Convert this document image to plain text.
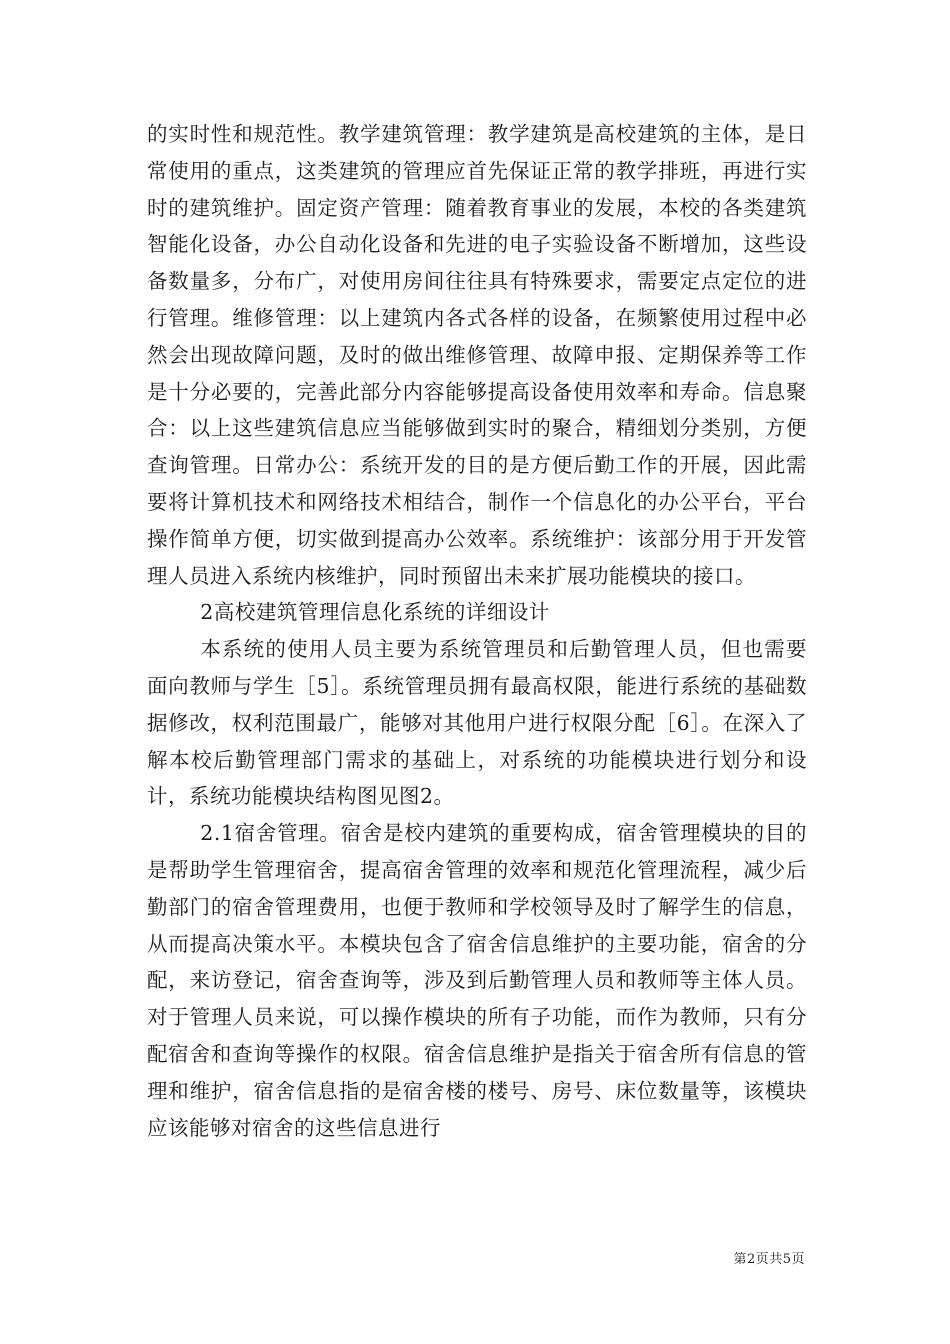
的实时性和规范性。教学建筑管理：教学建筑是高校建筑的主体，是日常使用的重点，这类建筑的管理应首先保证正常的教学排班，再进行实时的建筑维护。固定资产管理：随着教育事业的发展，本校的各类建筑智能化设备，办公自动化设备和先进的电子实验设备不断增加，这些设备数量多，分布广，对使用房间往往具有特殊要求，需要定点定位的进行管理。维修管理：以上建筑内各式各样的设备，在频繁使用过程中必然会出现故障问题，及时的做出维修管理、故障申报、定期保养等工作是十分必要的，完善此部分内容能够提高设备使用效率和寿命。信息聚合：以上这些建筑信息应当能够做到实时的聚合，精细划分类别，方便查询管理。日常办公：系统开发的目的是方便后勤工作的开展，因此需要将计算机技术和网络技术相结合，制作一个信息化的办公平台，平台操作简单方便，切实做到提高办公效率。系统维护：该部分用于开发管理人员进入系统内核维护，同时预留出未来扩展功能模块的接口。

2高校建筑管理信息化系统的详细设计

本系统的使用人员主要为系统管理员和后勤管理人员，但也需要面向教师与学生［5］。系统管理员拥有最高权限，能进行系统的基础数据修改，权利范围最广，能够对其他用户进行权限分配［6］。在深入了解本校后勤管理部门需求的基础上，对系统的功能模块进行划分和设计，系统功能模块结构图见图2。

2.1宿舍管理。宿舍是校内建筑的重要构成，宿舍管理模块的目的是帮助学生管理宿舍，提高宿舍管理的效率和规范化管理流程，减少后勤部门的宿舍管理费用，也便于教师和学校领导及时了解学生的信息，从而提高决策水平。本模块包含了宿舍信息维护的主要功能，宿舍的分配，来访登记，宿舍查询等，涉及到后勤管理人员和教师等主体人员。对于管理人员来说，可以操作模块的所有子功能，而作为教师，只有分配宿舍和查询等操作的权限。宿舍信息维护是指关于宿舍所有信息的管理和维护，宿舍信息指的是宿舍楼的楼号、房号、床位数量等，该模块应该能够对宿舍的这些信息进行

第2页共5页
